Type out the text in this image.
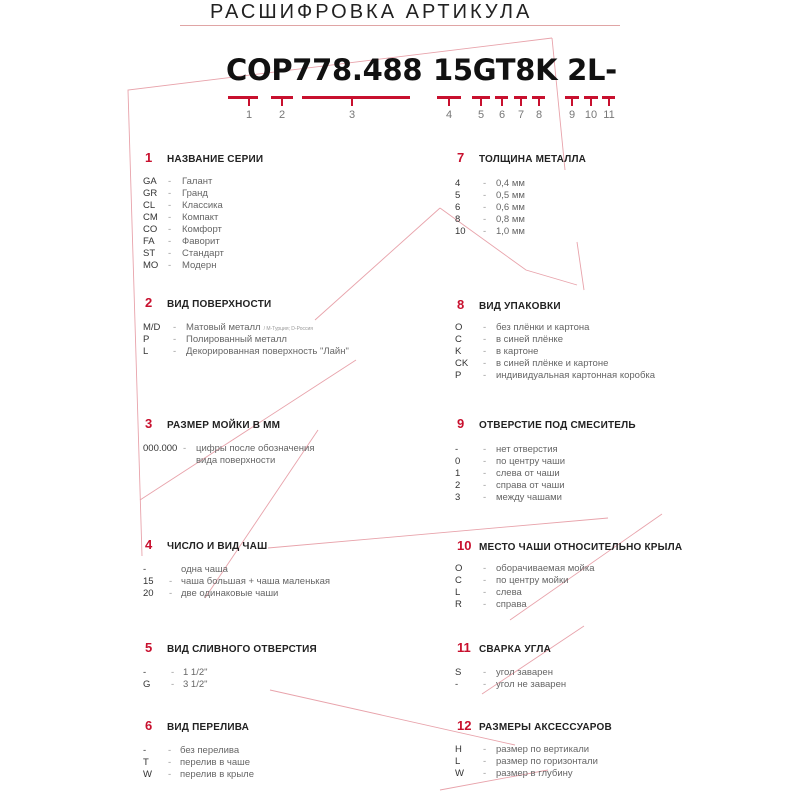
РАСШИФРОВКА АРТИКУЛА
COP778.488 15GT8K 2L-
1	2	3	4	5	6	7	8	9 10 11
1	НАЗВАНИЕ СЕРИИ
GA	-	Галант
GR	-	Гранд
CL	-	Классика
CM	-	Компакт
CO	-	Комфорт
FA	-	Фаворит
ST	-	Стандарт
MO	-	Модерн
2	ВИД ПОВЕРХНОСТИ
M/D	-	Матовый металл / M-Турция; D-Россия
P	-	Полированный металл
L	-	Декорированная поверхность "Лайн"
3	РАЗМЕР МОЙКИ В ММ
000.000 -	цифры после обозначения
вида поверхности
4	ЧИСЛО И ВИД ЧАШ
-	одна чаша
15	- чаша большая + чаша маленькая
20	- две одинаковые чаши
5	ВИД СЛИВНОГО ОТВЕРСТИЯ
-	- 1 1/2"
G	- 3 1/2"
6	ВИД ПЕРЕЛИВА
-	- без перелива
T	- перелив в чаше
W	- перелив в крыле
7	ТОЛЩИНА МЕТАЛЛА
4	-	0,4 мм
5	-	0,5 мм
6	-	0,6 мм
8	-	0,8 мм
10	-	1,0 мм
8	ВИД УПАКОВКИ
O	-	без плёнки и картона
C	-	в синей плёнке
K	-	в картоне
CK	-	в синей плёнке и картоне
P	-	индивидуальная картонная коробка
9	ОТВЕРСТИЕ ПОД СМЕСИТЕЛЬ
-	-	нет отверстия
0	-	по центру чаши
1	-	слева от чаши
2	-	справа от чаши
3	-	между чашами
10 МЕСТО ЧАШИ ОТНОСИТЕЛЬНО КРЫЛА
O	-	оборачиваемая мойка
C	-	по центру мойки
L	-	слева
R	-	справа
11 СВАРКА УГЛА
S	-	угол заварен
-	-	угол не заварен
12 РАЗМЕРЫ АКСЕССУАРОВ
H	-	размер по вертикали
L	-	размер по горизонтали
W	-	размер в глубину
